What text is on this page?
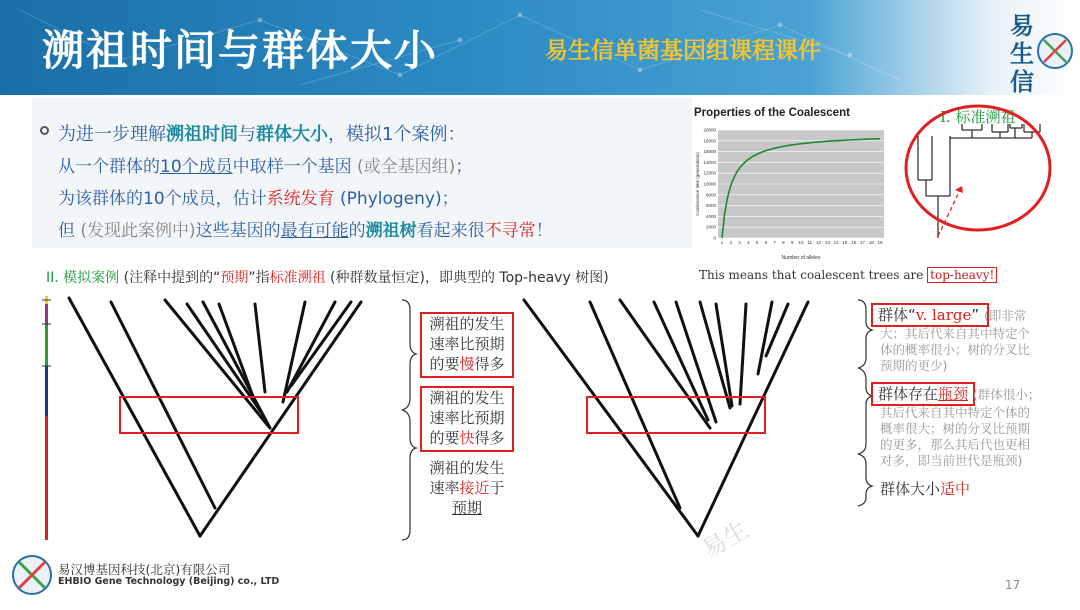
溯祖时间与群体大小	易生信单菌基因组课程课件
易
生
信
为进一步理解溯祖时间与群体大小，模拟1个案例：
从一个群体的10个成员中取样一个基因 (或全基因组)；
为该群体的10个成员，估计系统发育 (Phylogeny)；
但 (发现此案例中)这些基因的最有可能的溯祖树看起来很不寻常！
II. 模拟案例 (注释中提到的“预期”指标准溯祖 (种群数量恒定)，即典型的 Top-heavy 树图)
Properties of the Coalescent
20000
18000
16000
14000
12000
10000
8000
6000
4000
2000
0
1 2 3 4 5 6 7 8 9 10 11 12 13 14 15 16 17 18 19
Coalescence time (generations)
Number of alleles
This means that coalescent trees are top-heavy!
I. 标准溯祖
溯祖的发生
速率比预期
的要慢得多
溯祖的发生
速率比预期
的要快得多
溯祖的发生
速率接近于
预期
群体“v. large” (即非常
大；其后代来自其中特定个
体的概率很小；树的分叉比
预期的更少)
群体存在瓶颈 (群体很小；
其后代来自其中特定个体的
概率很大；树的分叉比预期
的更多，那么其后代也更相
对多，即当前世代是瓶颈)
群体大小适中
易生
易汉博基因科技(北京)有限公司
EHBIO Gene Technology (Beijing) co., LTD	17
